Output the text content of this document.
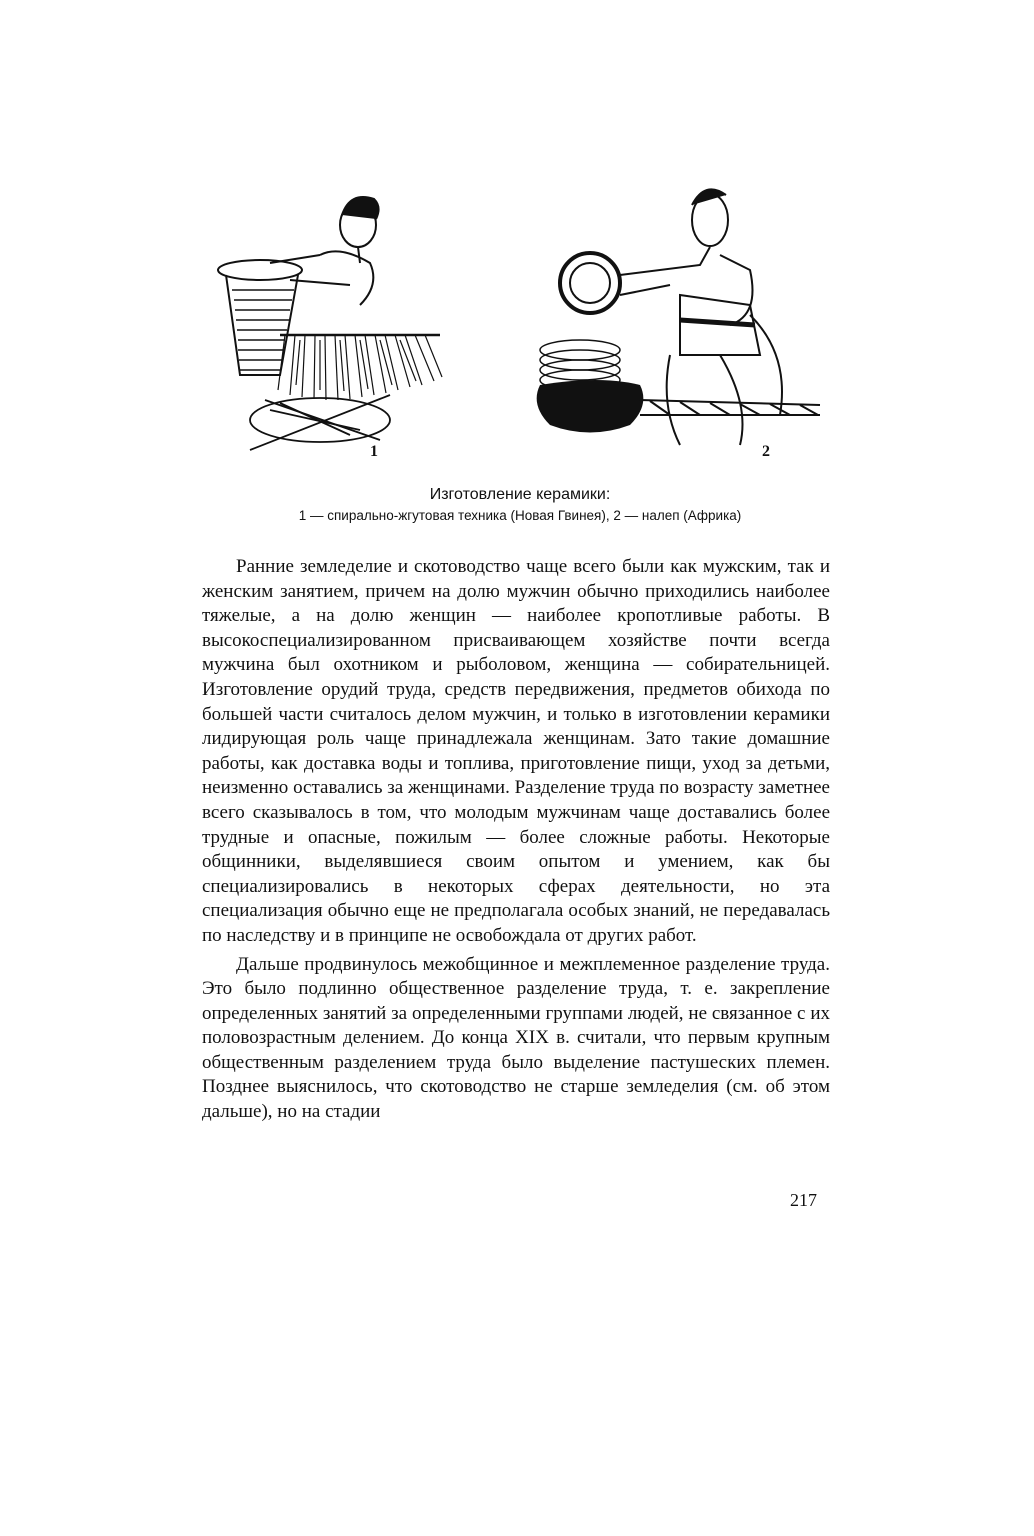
1	2
Изготовление керамики:
1 — спирально-жгутовая техника (Новая Гвинея), 2 — налеп (Африка)

Ранние земледелие и скотоводство чаще всего были как мужским, так и женским занятием, причем на долю мужчин обычно приходились наиболее тяжелые, а на долю женщин — наиболее кропотливые работы. В высокоспециализированном присваивающем хозяйстве почти всегда мужчина был охотником и рыболовом, женщина — собирательницей. Изготовление орудий труда, средств передвижения, предметов обихода по большей части считалось делом мужчин, и только в изготовлении керамики лидирующая роль чаще принадлежала женщинам. Зато такие домашние работы, как доставка воды и топлива, приготовление пищи, уход за детьми, неизменно оставались за женщинами. Разделение труда по возрасту заметнее всего сказывалось в том, что молодым мужчинам чаще доставались более трудные и опасные, пожилым — более сложные работы. Некоторые общинники, выделявшиеся своим опытом и умением, как бы специализировались в некоторых сферах деятельности, но эта специализация обычно еще не предполагала особых знаний, не передавалась по наследству и в принципе не освобождала от других работ.

Дальше продвинулось межобщинное и межплеменное разделение труда. Это было подлинно общественное разделение труда, т. е. закрепление определенных занятий за определенными группами людей, не связанное с их половозрастным делением. До конца XIX в. считали, что первым крупным общественным разделением труда было выделение пастушеских племен. Позднее выяснилось, что скотоводство не старше земледелия (см. об этом дальше), но на стадии

217
